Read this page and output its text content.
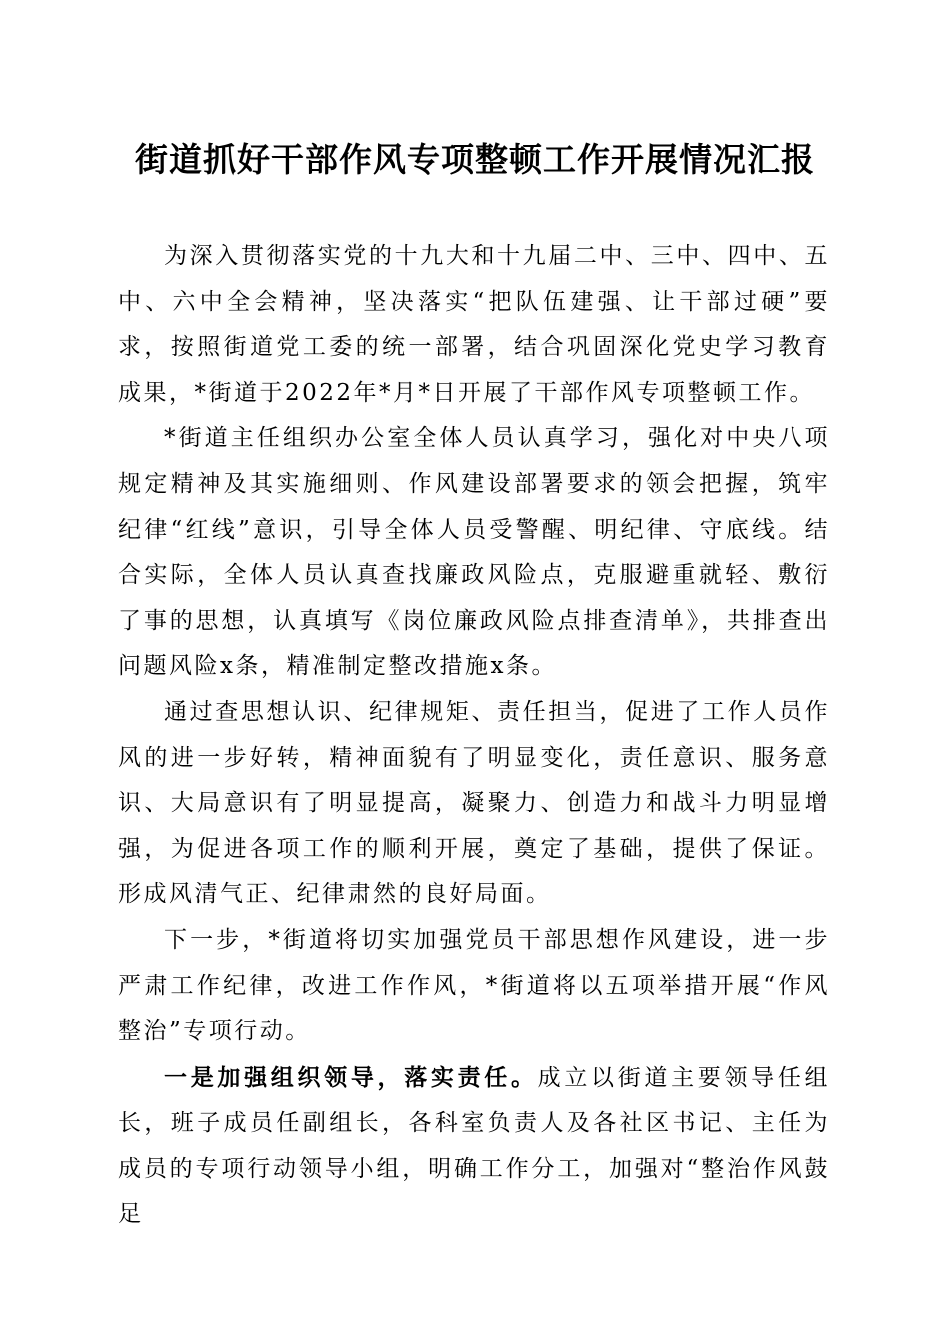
街道抓好干部作风专项整顿工作开展情况汇报

为深入贯彻落实党的十九大和十九届二中、三中、四中、五中、六中全会精神，坚决落实“把队伍建强、让干部过硬”要求，按照街道党工委的统一部署，结合巩固深化党史学习教育成果，*街道于2022年*月*日开展了干部作风专项整顿工作。

*街道主任组织办公室全体人员认真学习，强化对中央八项规定精神及其实施细则、作风建设部署要求的领会把握，筑牢纪律“红线”意识，引导全体人员受警醒、明纪律、守底线。结合实际，全体人员认真查找廉政风险点，克服避重就轻、敷衍了事的思想，认真填写《岗位廉政风险点排查清单》，共排查出问题风险x条，精准制定整改措施x条。

通过查思想认识、纪律规矩、责任担当，促进了工作人员作风的进一步好转，精神面貌有了明显变化，责任意识、服务意识、大局意识有了明显提高，凝聚力、创造力和战斗力明显增强，为促进各项工作的顺利开展，奠定了基础，提供了保证。形成风清气正、纪律肃然的良好局面。

下一步，*街道将切实加强党员干部思想作风建设，进一步严肃工作纪律，改进工作作风，*街道将以五项举措开展“作风整治”专项行动。

一是加强组织领导，落实责任。成立以街道主要领导任组长，班子成员任副组长，各科室负责人及各社区书记、主任为成员的专项行动领导小组，明确工作分工，加强对“整治作风鼓足
